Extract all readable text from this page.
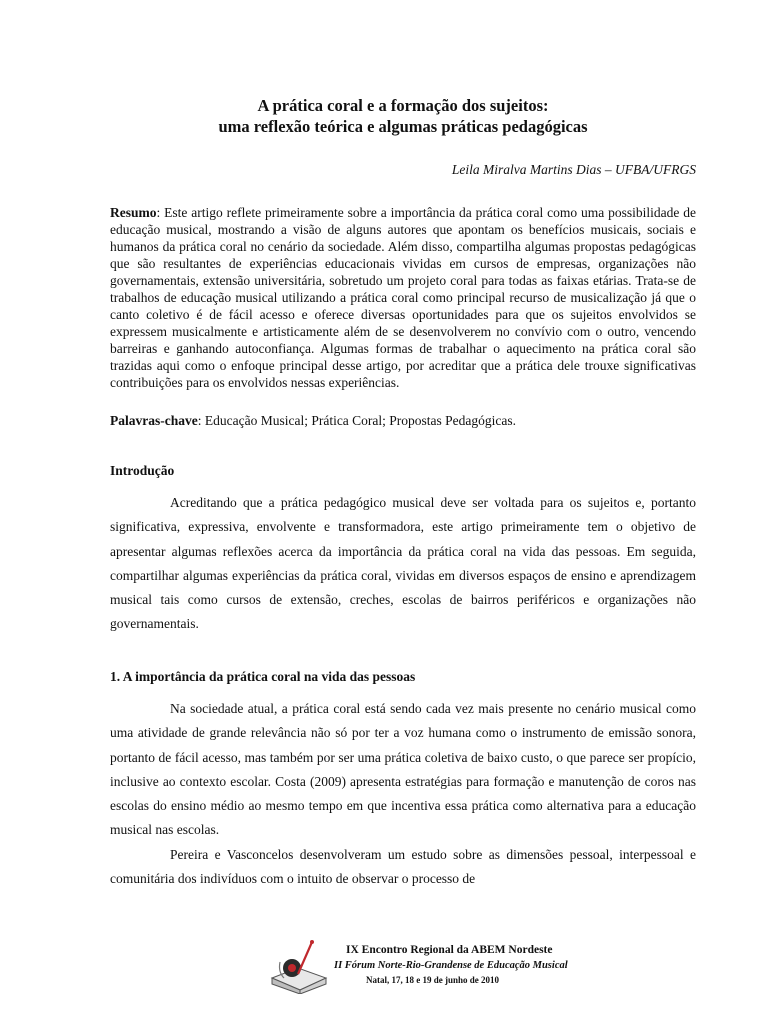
A prática coral e a formação dos sujeitos:
uma reflexão teórica e algumas práticas pedagógicas
Leila Miralva Martins Dias – UFBA/UFRGS
Resumo: Este artigo reflete primeiramente sobre a importância da prática coral como uma possibilidade de educação musical, mostrando a visão de alguns autores que apontam os benefícios musicais, sociais e humanos da prática coral no cenário da sociedade. Além disso, compartilha algumas propostas pedagógicas que são resultantes de experiências educacionais vividas em cursos de empresas, organizações não governamentais, extensão universitária, sobretudo um projeto coral para todas as faixas etárias. Trata-se de trabalhos de educação musical utilizando a prática coral como principal recurso de musicalização já que o canto coletivo é de fácil acesso e oferece diversas oportunidades para que os sujeitos envolvidos se expressem musicalmente e artisticamente além de se desenvolverem no convívio com o outro, vencendo barreiras e ganhando autoconfiança. Algumas formas de trabalhar o aquecimento na prática coral são trazidas aqui como o enfoque principal desse artigo, por acreditar que a prática dele trouxe significativas contribuições para os envolvidos nessas experiências.
Palavras-chave: Educação Musical; Prática Coral; Propostas Pedagógicas.
Introdução

Acreditando que a prática pedagógico musical deve ser voltada para os sujeitos e, portanto significativa, expressiva, envolvente e transformadora, este artigo primeiramente tem o objetivo de apresentar algumas reflexões acerca da importância da prática coral na vida das pessoas. Em seguida, compartilhar algumas experiências da prática coral, vividas em diversos espaços de ensino e aprendizagem musical tais como cursos de extensão, creches, escolas de bairros periféricos e organizações não governamentais.

1. A importância da prática coral na vida das pessoas

Na sociedade atual, a prática coral está sendo cada vez mais presente no cenário musical como uma atividade de grande relevância não só por ter a voz humana como o instrumento de emissão sonora, portanto de fácil acesso, mas também por ser uma prática coletiva de baixo custo, o que parece ser propício, inclusive ao contexto escolar. Costa (2009) apresenta estratégias para formação e manutenção de coros nas escolas do ensino médio ao mesmo tempo em que incentiva essa prática como alternativa para a educação musical nas escolas.

Pereira e Vasconcelos desenvolveram um estudo sobre as dimensões pessoal, interpessoal e comunitária dos indivíduos com o intuito de observar o processo de

IX Encontro Regional da ABEM Nordeste
II Fórum Norte-Rio-Grandense de Educação Musical
Natal, 17, 18 e 19 de junho de 2010
